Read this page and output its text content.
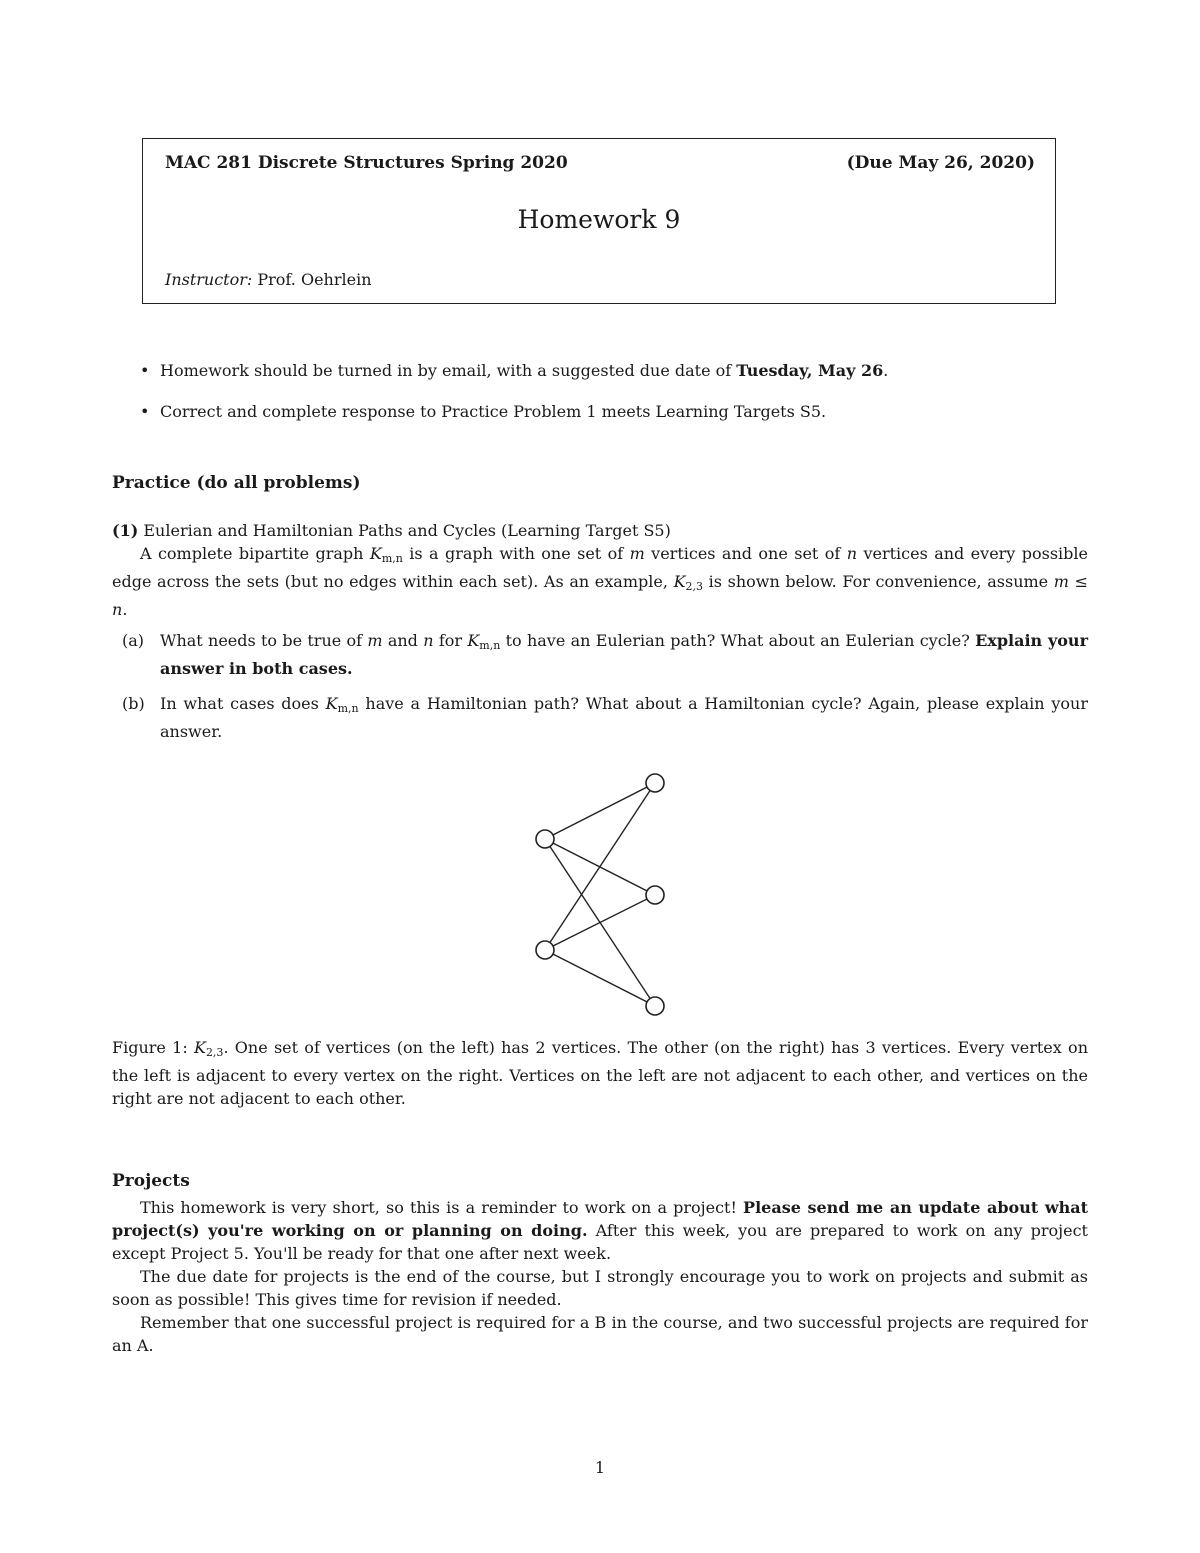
MAC 281 Discrete Structures Spring 2020	(Due May 26, 2020)
Homework 9
Instructor: Prof. Oehrlein
• Homework should be turned in by email, with a suggested due date of Tuesday, May 26.
• Correct and complete response to Practice Problem 1 meets Learning Targets S5.
Practice (do all problems)
(1) Eulerian and Hamiltonian Paths and Cycles (Learning Target S5)
A complete bipartite graph $K_{m,n}$ is a graph with one set of m vertices and one set of n vertices and every possible edge across the sets (but no edges within each set). As an example, $K_{2,3}$ is shown below. For convenience, assume m ≤ n.
(a) What needs to be true of m and n for $K_{m,n}$ to have an Eulerian path? What about an Eulerian cycle? Explain your answer in both cases.
(b) In what cases does $K_{m,n}$ have a Hamiltonian path? What about a Hamiltonian cycle? Again, please explain your answer.
Figure 1: $K_{2,3}$. One set of vertices (on the left) has 2 vertices. The other (on the right) has 3 vertices. Every vertex on the left is adjacent to every vertex on the right. Vertices on the left are not adjacent to each other, and vertices on the right are not adjacent to each other.
Projects

This homework is very short, so this is a reminder to work on a project! Please send me an update about what project(s) you're working on or planning on doing. After this week, you are prepared to work on any project except Project 5. You'll be ready for that one after next week.

The due date for projects is the end of the course, but I strongly encourage you to work on projects and submit as soon as possible! This gives time for revision if needed.

Remember that one successful project is required for a B in the course, and two successful projects are required for an A.

1
